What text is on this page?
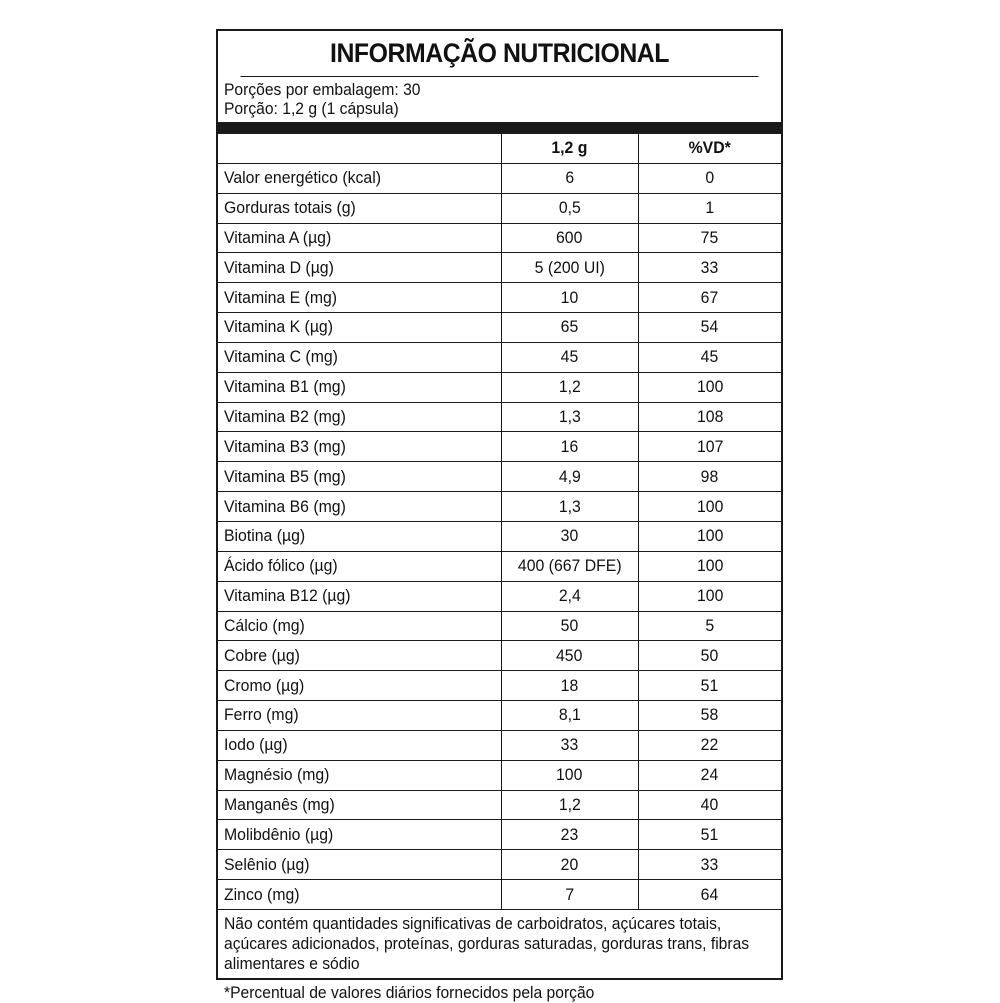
INFORMAÇÃO NUTRICIONAL
Porções por embalagem: 30
Porção: 1,2 g (1 cápsula)
	1,2 g	%VD*
Valor energético (kcal)	6	0
Gorduras totais (g)	0,5	1
Vitamina A (µg)	600	75
Vitamina D (µg)	5 (200 UI)	33
Vitamina E (mg)	10	67
Vitamina K (µg)	65	54
Vitamina C (mg)	45	45
Vitamina B1 (mg)	1,2	100
Vitamina B2 (mg)	1,3	108
Vitamina B3 (mg)	16	107
Vitamina B5 (mg)	4,9	98
Vitamina B6 (mg)	1,3	100
Biotina (µg)	30	100
Ácido fólico (µg)	400 (667 DFE)	100
Vitamina B12 (µg)	2,4	100
Cálcio (mg)	50	5
Cobre (µg)	450	50
Cromo (µg)	18	51
Ferro (mg)	8,1	58
Iodo (µg)	33	22
Magnésio (mg)	100	24
Manganês (mg)	1,2	40
Molibdênio (µg)	23	51
Selênio (µg)	20	33
Zinco (mg)	7	64
Não contém quantidades significativas de carboidratos, açúcares totais, açúcares adicionados, proteínas, gorduras saturadas, gorduras trans, fibras alimentares e sódio
*Percentual de valores diários fornecidos pela porção
